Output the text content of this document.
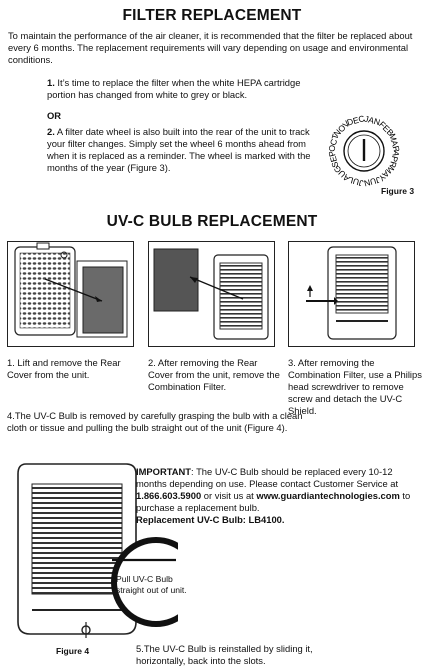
FILTER REPLACEMENT
To maintain the performance of the air cleaner, it is recommended that the filter be replaced about every 6 months. The replacement requirements will vary depending on usage and environmental conditions.
1. It’s time to replace the filter when the white HEPA cartridge portion has changed from white to grey or black.
OR
2. A filter date wheel is also built into the rear of the unit to track your filter changes. Simply set the wheel 6 months ahead from when it is replaced as a reminder. The wheel is marked with the months of the year (Figure 3).
JAN
FEB
MAR
APR
MAY
JUN
JUL
AUG
SEP
OCT
NOV
DEC
Figure 3
UV-C BULB REPLACEMENT
1. Lift and remove the Rear Cover from the unit.
2. After removing the Rear Cover from the unit, remove the Combination Filter.
3. After removing the Combination Filter, use a Philips head screwdriver to remove screw and detach the UV-C Shield.
4.The UV-C Bulb is removed by carefully grasping the bulb with a clean cloth or tissue and pulling the bulb straight out of the unit (Figure 4).
Pull UV-C Bulb straight out of unit.
Figure 4
IMPORTANT: The UV-C Bulb should be replaced every 10-12 months depending on use. Please contact Customer Service at 1.866.603.5900 or visit us at www.guardiantechnologies.com to purchase a replacement bulb.
Replacement UV-C Bulb: LB4100.
5.The UV-C Bulb is reinstalled by sliding it, horizontally, back into the slots.
